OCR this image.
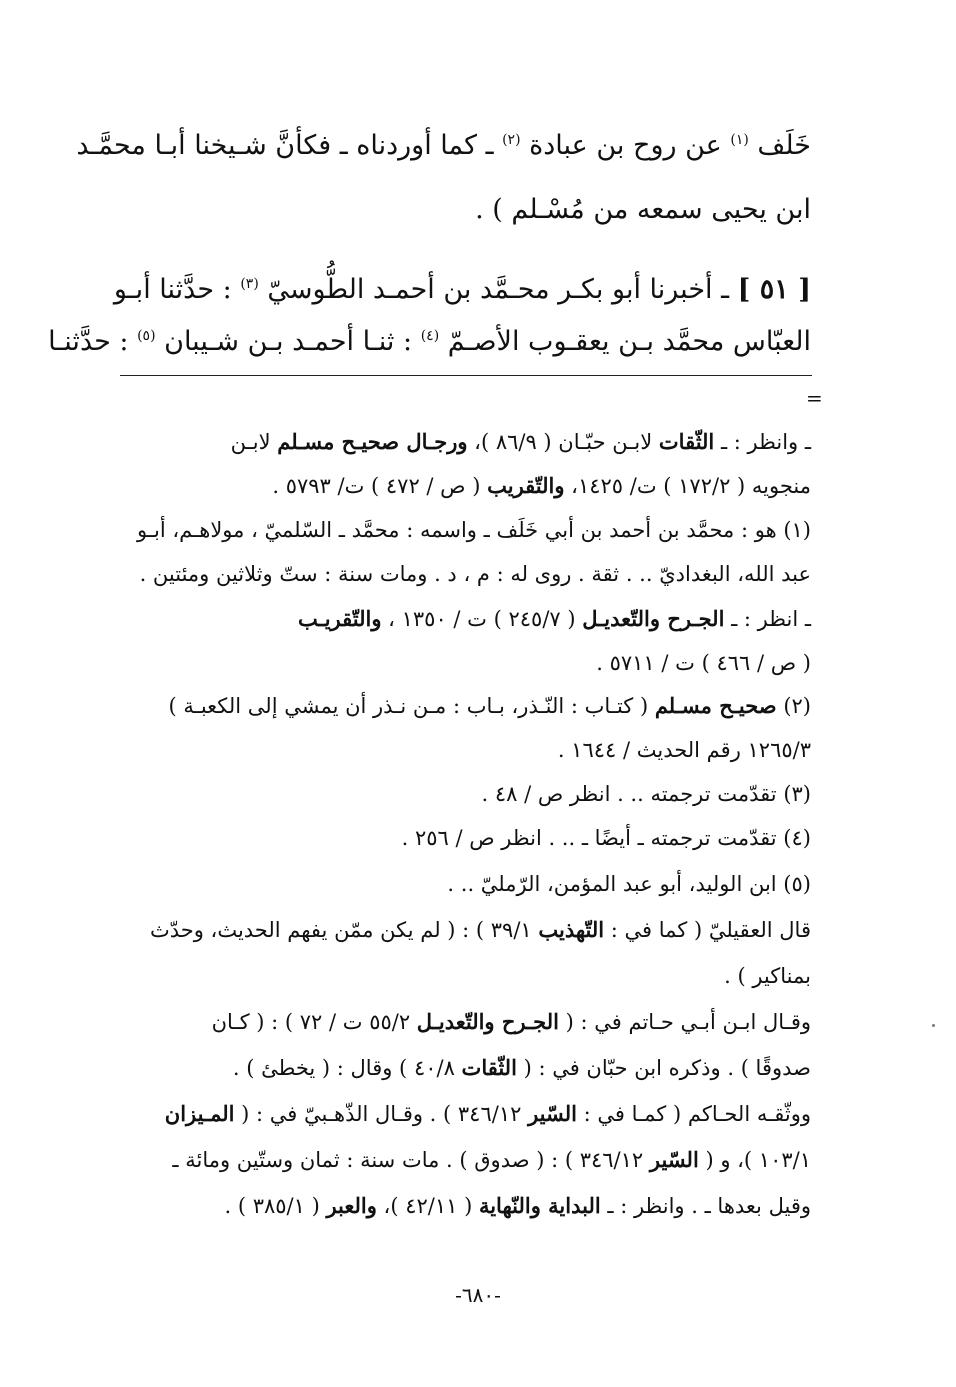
خَلَف $^{(١)}$ عن روح بن عبادة $^{(٢)}$ ـ كما أوردناه ـ فكأنَّ شـيخنا أبـا محمَّـد
ابن يحيى سمعه من مُسْـلم ) .
[ ٥١ ] ـ أخبرنا أبو بكـر محـمَّد بن أحمـد الطُّوسيّ $^{(٣)}$ : حدَّثنا أبـو
العبّاس محمَّد بـن يعقـوب الأصـمّ $^{(٤)}$ : ثنـا أحمـد بـن شـيبان $^{(٥)}$ : حدَّثنـا
=
ـ وانظر : ـ الثّقات لابـن حبّـان ( ٨٦/٩ )، ورجـال صحيـح مسـلم لابـن
منجويه ( ١٧٢/٢ ) ت/ ١٤٢٥، والتّقريب ( ص / ٤٧٢ ) ت/ ٥٧٩٣ .
(١) هو : محمَّد بن أحمد بن أبي خَلَف ـ واسمه : محمَّد ـ السّلميّ ، مولاهـم، أبـو
عبد الله، البغداديّ .. . ثقة . روى له : م ، د . ومات سنة : ستّ وثلاثين ومئتين .
ـ انظر : ـ الجـرح والتّعديـل ( ٢٤٥/٧ ) ت / ١٣٥٠ ، والتّقريـب
( ص / ٤٦٦ ) ت / ٥٧١١ .
(٢) صحيـح مسـلم ( كتـاب : النّـذر، بـاب : مـن نـذر أن يمشي إلى الكعبـة )
١٢٦٥/٣ رقم الحديث / ١٦٤٤ .
(٣) تقدّمت ترجمته .. . انظر ص / ٤٨ .
(٤) تقدّمت ترجمته ـ أيضًا ـ .. . انظر ص / ٢٥٦ .
(٥) ابن الوليد، أبو عبد المؤمن، الرّمليّ .. .
قال العقيليّ ( كما في : التّهذيب ٣٩/١ ) : ( لم يكن ممّن يفهم الحديث، وحدّث
بمناكير ) .
وقـال ابـن أبـي حـاتم في : ( الجـرح والتّعديـل ٥٥/٢ ت / ٧٢ ) : ( كـان
صدوقًا ) . وذكره ابن حبّان في : ( الثّقات ٤٠/٨ ) وقال : ( يخطئ ) .
ووثّقـه الحـاكم ( كمـا في : السّير ٣٤٦/١٢ ) . وقـال الذّهـبيّ في : ( المـيزان
١٠٣/١ )، و ( السّير ٣٤٦/١٢ ) : ( صدوق ) . مات سنة : ثمان وستّين ومائة ـ
وقيل بعدها ـ . وانظر : ـ البداية والنّهاية ( ٤٢/١١ )، والعبر ( ٣٨٥/١ ) .
-٦٨٠-
